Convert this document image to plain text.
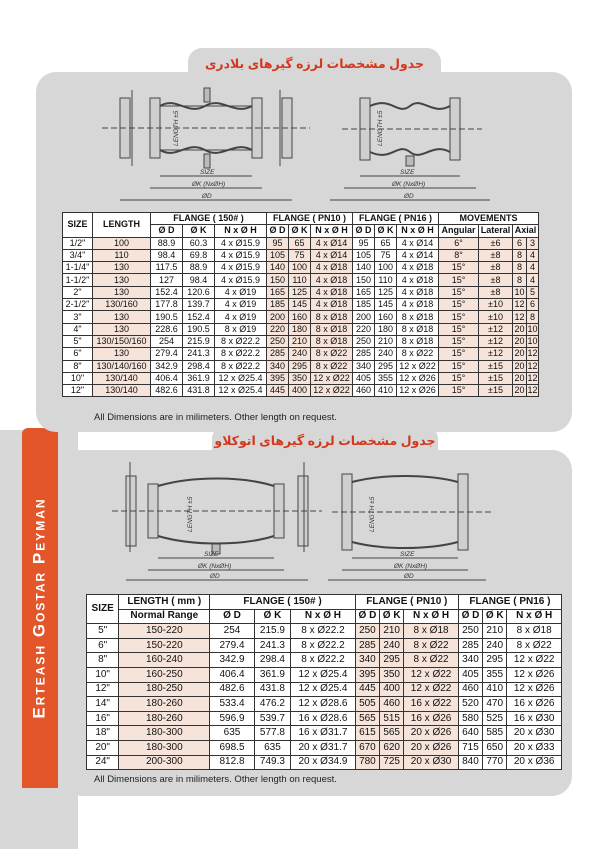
Erteash Gostar Peyman
جدول مشخصات لرزه گیرهای بلادری
SIZE
ØK (NxØH)
ØD
LENGTH ±5
SIZE
ØK (NxØH)
ØD
LENGTH ±5
SIZE	LENGTH	FLANGE ( 150# )			FLANGE ( PN10 )			FLANGE ( PN16 )			MOVEMENTS			
		Ø D	Ø K	N x Ø H	Ø D	Ø K	N x Ø H	Ø D	Ø K	N x Ø H	Angular	Lateral	Axial	
1/2"	100	88.9	60.3	4 x Ø15.9	95	65	4 x Ø14	95	65	4 x Ø14	6°	±6	6	3
3/4"	110	98.4	69.8	4 x Ø15.9	105	75	4 x Ø14	105	75	4 x Ø14	8°	±8	8	4
1-1/4"	130	117.5	88.9	4 x Ø15.9	140	100	4 x Ø18	140	100	4 x Ø18	15°	±8	8	4
1-1/2"	130	127	98.4	4 x Ø15.9	150	110	4 x Ø18	150	110	4 x Ø18	15°	±8	8	4
2"	130	152.4	120.6	4 x Ø19	165	125	4 x Ø18	165	125	4 x Ø18	15°	±8	10	5
2-1/2"	130/160	177.8	139.7	4 x Ø19	185	145	4 x Ø18	185	145	4 x Ø18	15°	±10	12	6
3"	130	190.5	152.4	4 x Ø19	200	160	8 x Ø18	200	160	8 x Ø18	15°	±10	12	8
4"	130	228.6	190.5	8 x Ø19	220	180	8 x Ø18	220	180	8 x Ø18	15°	±12	20	10
5"	130/150/160	254	215.9	8 x Ø22.2	250	210	8 x Ø18	250	210	8 x Ø18	15°	±12	20	10
6"	130	279.4	241.3	8 x Ø22.2	285	240	8 x Ø22	285	240	8 x Ø22	15°	±12	20	12
8"	130/140/160	342.9	298.4	8 x Ø22.2	340	295	8 x Ø22	340	295	12 x Ø22	15°	±15	20	12
10"	130/140	406.4	361.9	12 x Ø25.4	395	350	12 x Ø22	405	355	12 x Ø26	15°	±15	20	12
12"	130/140	482.6	431.8	12 x Ø25.4	445	400	12 x Ø22	460	410	12 x Ø26	15°	±15	20	12
All Dimensions are in milimeters. Other length on request.
جدول مشخصات لرزه گیرهای اتوکلاو
SIZE
ØK (NxØH)
ØD
LENGTH ±5
SIZE
ØK (NxØH)
ØD
LENGTH ±5
SIZE	LENGTH ( mm )	FLANGE ( 150# )			FLANGE ( PN10 )			FLANGE ( PN16 )		
	Normal Range	Ø D	Ø K	N x Ø H	Ø D	Ø K	N x Ø H	Ø D	Ø K	N x Ø H
5"	150-220	254	215.9	8 x Ø22.2	250	210	8 x Ø18	250	210	8 x Ø18
6"	150-220	279.4	241.3	8 x Ø22.2	285	240	8 x Ø22	285	240	8 x Ø22
8"	160-240	342.9	298.4	8 x Ø22.2	340	295	8 x Ø22	340	295	12 x Ø22
10"	160-250	406.4	361.9	12 x Ø25.4	395	350	12 x Ø22	405	355	12 x Ø26
12"	180-250	482.6	431.8	12 x Ø25.4	445	400	12 x Ø22	460	410	12 x Ø26
14"	180-260	533.4	476.2	12 x Ø28.6	505	460	16 x Ø22	520	470	16 x Ø26
16"	180-260	596.9	539.7	16 x Ø28.6	565	515	16 x Ø26	580	525	16 x Ø30
18"	180-300	635	577.8	16 x Ø31.7	615	565	20 x Ø26	640	585	20 x Ø30
20"	180-300	698.5	635	20 x Ø31.7	670	620	20 x Ø26	715	650	20 x Ø33
24"	200-300	812.8	749.3	20 x Ø34.9	780	725	20 x Ø30	840	770	20 x Ø36
All Dimensions are in milimeters. Other length on request.
